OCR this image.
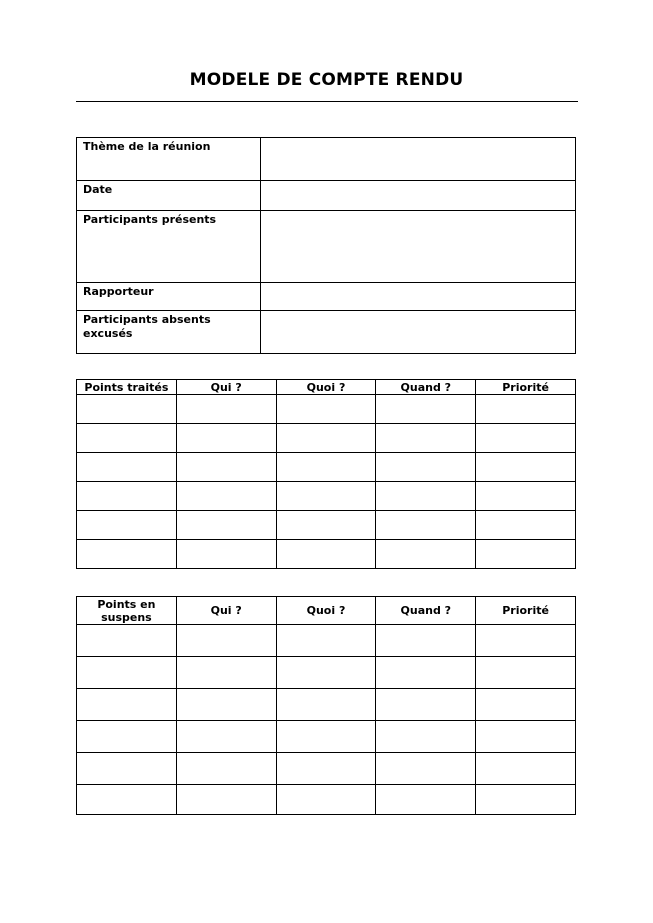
MODELE DE COMPTE RENDU
Thème de la réunion	
Date	
Participants présents	
Rapporteur	
Participants absents excusés	
Points traités	Qui ?	Quoi ?	Quand ?	Priorité

Points en suspens	Qui ?	Quoi ?	Quand ?	Priorité
